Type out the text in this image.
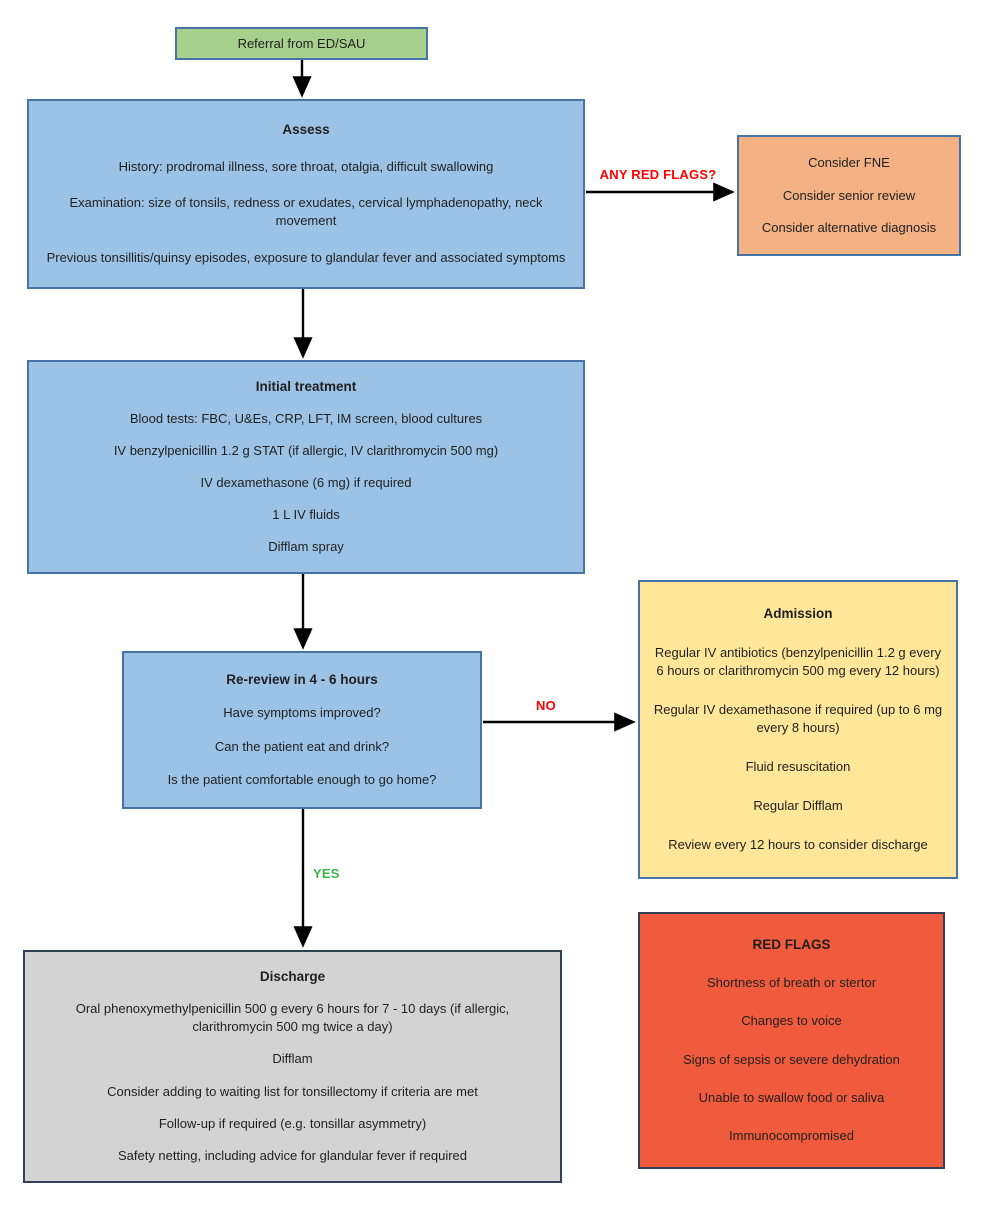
Referral from ED/SAU

Assess

History: prodromal illness, sore throat, otalgia, difficult swallowing

Examination: size of tonsils, redness or exudates, cervical lymphadenopathy, neck movement

Previous tonsillitis/quinsy episodes, exposure to glandular fever and associated symptoms

ANY RED FLAGS?

Consider FNE

Consider senior review

Consider alternative diagnosis

Initial treatment

Blood tests: FBC, U&Es, CRP, LFT, IM screen, blood cultures

IV benzylpenicillin 1.2 g STAT (if allergic, IV clarithromycin 500 mg)

IV dexamethasone (6 mg) if required

1 L IV fluids

Difflam spray

Re-review in 4 - 6 hours

Have symptoms improved?

Can the patient eat and drink?

Is the patient comfortable enough to go home?

NO
YES

Admission

Regular IV antibiotics (benzylpenicillin 1.2 g every 6 hours or clarithromycin 500 mg every 12 hours)

Regular IV dexamethasone if required (up to 6 mg every 8 hours)

Fluid resuscitation

Regular Difflam

Review every 12 hours to consider discharge

Discharge

Oral phenoxymethylpenicillin 500 g every 6 hours for 7 - 10 days (if allergic, clarithromycin 500 mg twice a day)

Difflam

Consider adding to waiting list for tonsillectomy if criteria are met

Follow-up if required (e.g. tonsillar asymmetry)

Safety netting, including advice for glandular fever if required

RED FLAGS

Shortness of breath or stertor

Changes to voice

Signs of sepsis or severe dehydration

Unable to swallow food or saliva

Immunocompromised
